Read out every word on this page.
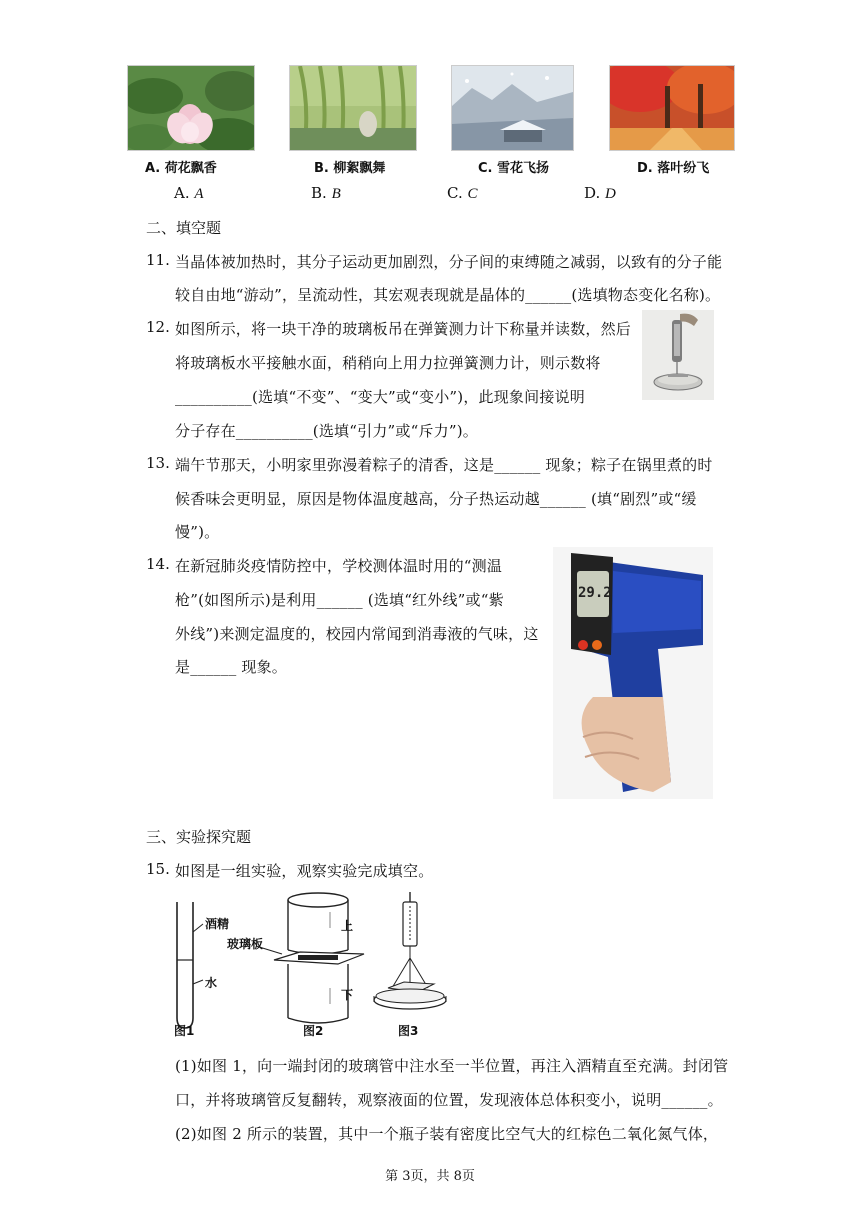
A. 荷花飘香	B. 柳絮飘舞	C. 雪花飞扬	D. 落叶纷飞
A. A	B. B	C. C	D. D
二、填空题
11. 当晶体被加热时，其分子运动更加剧烈，分子间的束缚随之减弱，以致有的分子能
较自由地“游动”，呈流动性，其宏观表现就是晶体的______(选填物态变化名称)。
12. 如图所示，将一块干净的玻璃板吊在弹簧测力计下称量并读数，然后
将玻璃板水平接触水面，稍稍向上用力拉弹簧测力计，则示数将
__________(选填“不变”、“变大”或“变小”)，此现象间接说明
分子存在__________(选填“引力”或“斥力”)。
13. 端午节那天，小明家里弥漫着粽子的清香，这是______ 现象；粽子在锅里煮的时
候香味会更明显，原因是物体温度越高，分子热运动越______ (填“剧烈”或“缓
慢”)。
14. 在新冠肺炎疫情防控中，学校测体温时用的“测温
枪”(如图所示)是利用______ (选填“红外线”或“紫
外线”)来测定温度的，校园内常闻到消毒液的气味，这
是______ 现象。
29.2
三、实验探究题
15. 如图是一组实验，观察实验完成填空。
酒精
水
玻璃板
上
下
图1	图2	图3
(1)如图 1，向一端封闭的玻璃管中注水至一半位置，再注入酒精直至充满。封闭管
口，并将玻璃管反复翻转，观察液面的位置，发现液体总体积变小，说明______。
(2)如图 2 所示的装置，其中一个瓶子装有密度比空气大的红棕色二氧化氮气体，
第 3页，共 8页
